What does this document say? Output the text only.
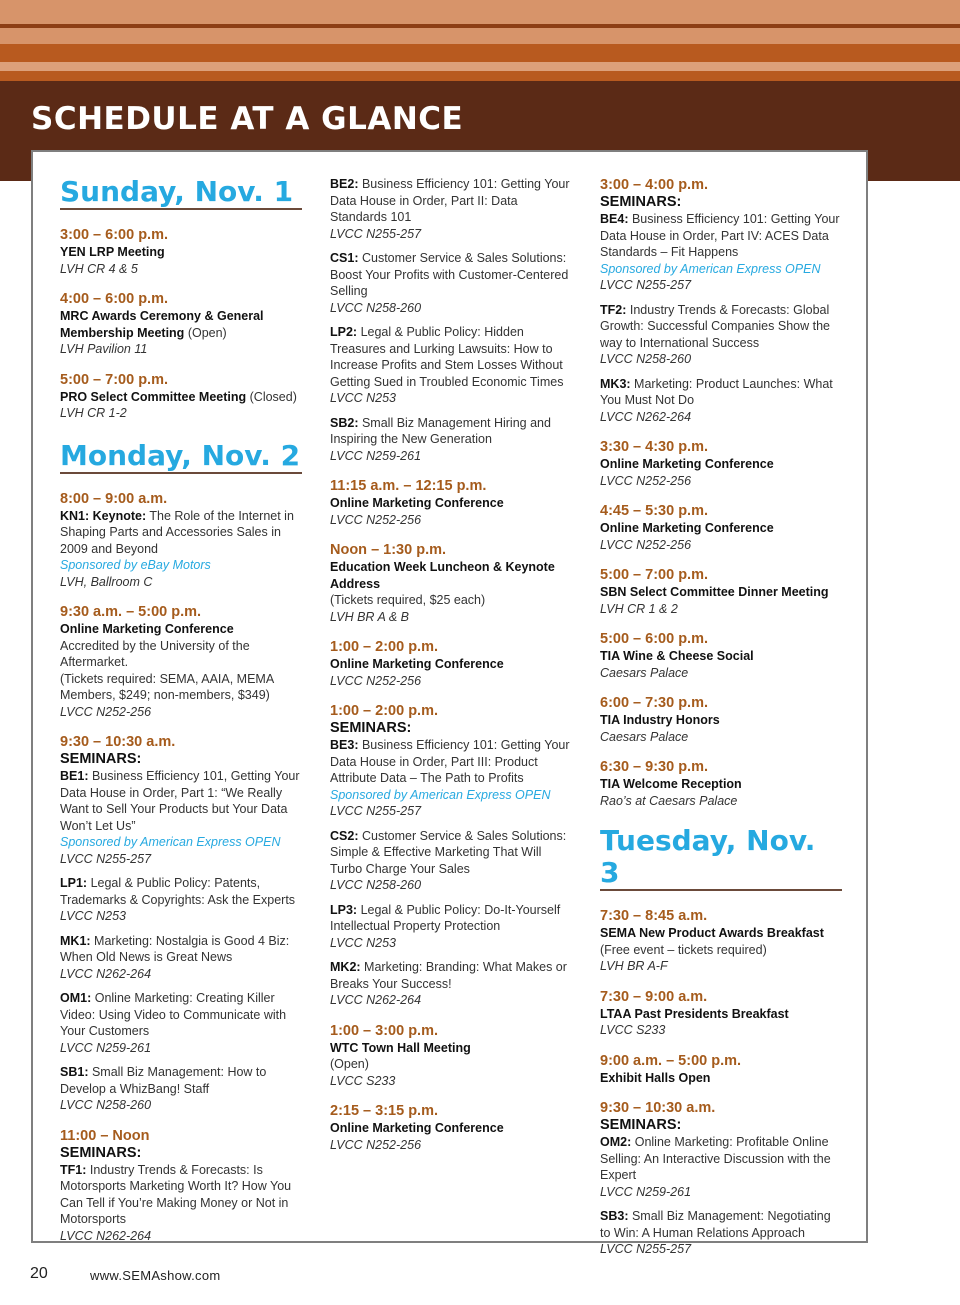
SCHEDULE AT A GLANCE
Sunday, Nov. 1
3:00 – 6:00 p.m.
YEN LRP Meeting
LVH CR 4 & 5
4:00 – 6:00 p.m.
MRC Awards Ceremony & General Membership Meeting (Open)
LVH Pavilion 11
5:00 – 7:00 p.m.
PRO Select Committee Meeting (Closed)
LVH CR 1-2
Monday, Nov. 2
8:00 – 9:00 a.m.
KN1: Keynote: The Role of the Internet in Shaping Parts and Accessories Sales in 2009 and Beyond
Sponsored by eBay Motors
LVH, Ballroom C
9:30 a.m. – 5:00 p.m.
Online Marketing Conference
Accredited by the University of the Aftermarket.
(Tickets required: SEMA, AAIA, MEMA Members, $249; non-members, $349)
LVCC N252-256
9:30 – 10:30 a.m.
SEMINARS:
BE1: Business Efficiency 101, Getting Your Data House in Order, Part 1: “We Really Want to Sell Your Products but Your Data Won’t Let Us”
Sponsored by American Express OPEN
LVCC N255-257
LP1: Legal & Public Policy: Patents, Trademarks & Copyrights: Ask the Experts
LVCC N253
MK1: Marketing: Nostalgia is Good 4 Biz: When Old News is Great News
LVCC N262-264
OM1: Online Marketing: Creating Killer Video: Using Video to Communicate with Your Customers
LVCC N259-261
SB1: Small Biz Management: How to Develop a WhizBang! Staff
LVCC N258-260
11:00 – Noon
SEMINARS:
TF1: Industry Trends & Forecasts: Is Motorsports Marketing Worth It? How You Can Tell if You’re Making Money or Not in Motorsports
LVCC N262-264
BE2: Business Efficiency 101: Getting Your Data House in Order, Part II: Data Standards 101
LVCC N255-257
CS1: Customer Service & Sales Solutions: Boost Your Profits with Customer-Centered Selling
LVCC N258-260
LP2: Legal & Public Policy: Hidden Treasures and Lurking Lawsuits: How to Increase Profits and Stem Losses Without Getting Sued in Troubled Economic Times
LVCC N253
SB2: Small Biz Management Hiring and Inspiring the New Generation
LVCC N259-261
11:15 a.m. – 12:15 p.m.
Online Marketing Conference
LVCC N252-256
Noon – 1:30 p.m.
Education Week Luncheon & Keynote Address
(Tickets required, $25 each)
LVH BR A & B
1:00 – 2:00 p.m.
Online Marketing Conference
LVCC N252-256
1:00 – 2:00 p.m.
SEMINARS:
BE3: Business Efficiency 101: Getting Your Data House in Order, Part III: Product Attribute Data – The Path to Profits
Sponsored by American Express OPEN
LVCC N255-257
CS2: Customer Service & Sales Solutions: Simple & Effective Marketing That Will Turbo Charge Your Sales
LVCC N258-260
LP3: Legal & Public Policy: Do-It-Yourself Intellectual Property Protection
LVCC N253
MK2: Marketing: Branding: What Makes or Breaks Your Success!
LVCC N262-264
1:00 – 3:00 p.m.
WTC Town Hall Meeting
(Open)
LVCC S233
2:15 – 3:15 p.m.
Online Marketing Conference
LVCC N252-256
3:00 – 4:00 p.m.
SEMINARS:
BE4: Business Efficiency 101: Getting Your Data House in Order, Part IV: ACES Data Standards – Fit Happens
Sponsored by American Express OPEN
LVCC N255-257
TF2: Industry Trends & Forecasts: Global Growth: Successful Companies Show the way to International Success
LVCC N258-260
MK3: Marketing: Product Launches: What You Must Not Do
LVCC N262-264
3:30 – 4:30 p.m.
Online Marketing Conference
LVCC N252-256
4:45 – 5:30 p.m.
Online Marketing Conference
LVCC N252-256
5:00 – 7:00 p.m.
SBN Select Committee Dinner Meeting
LVH CR 1 & 2
5:00 – 6:00 p.m.
TIA Wine & Cheese Social
Caesars Palace
6:00 – 7:30 p.m.
TIA Industry Honors
Caesars Palace
6:30 – 9:30 p.m.
TIA Welcome Reception
Rao’s at Caesars Palace
Tuesday, Nov. 3
7:30 – 8:45 a.m.
SEMA New Product Awards Breakfast
(Free event – tickets required)
LVH BR A-F
7:30 – 9:00 a.m.
LTAA Past Presidents Breakfast
LVCC S233
9:00 a.m. – 5:00 p.m.
Exhibit Halls Open
9:30 – 10:30 a.m.
SEMINARS:
OM2: Online Marketing: Profitable Online Selling: An Interactive Discussion with the Expert
LVCC N259-261
SB3: Small Biz Management: Negotiating to Win: A Human Relations Approach
LVCC N255-257
20	www.SEMAshow.com
